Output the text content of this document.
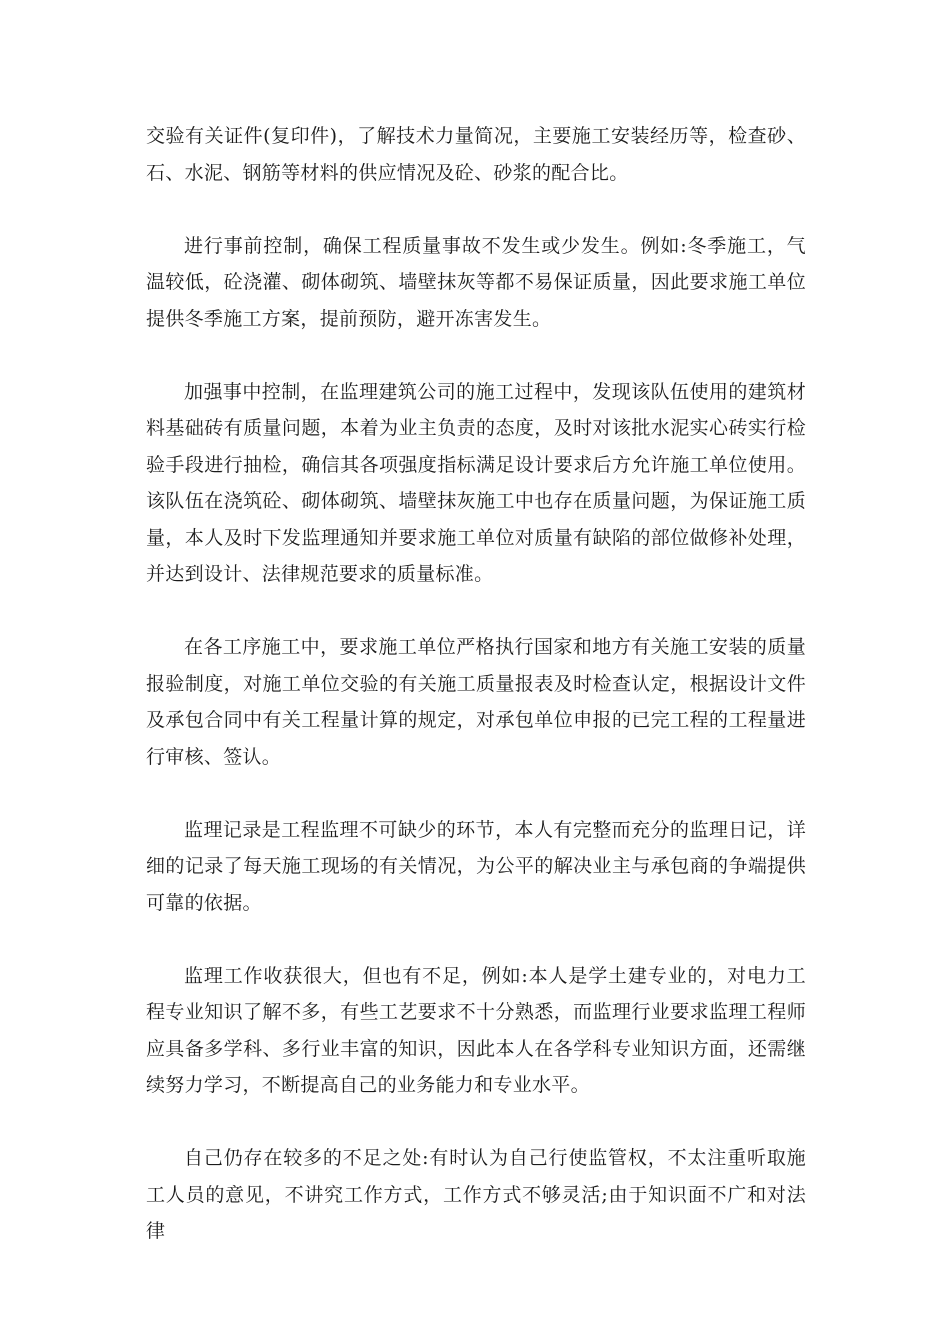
交验有关证件(复印件)，了解技术力量简况，主要施工安装经历等，检查砂、石、水泥、钢筋等材料的供应情况及砼、砂浆的配合比。

进行事前控制，确保工程质量事故不发生或少发生。例如:冬季施工，气温较低，砼浇灌、砌体砌筑、墙壁抹灰等都不易保证质量，因此要求施工单位提供冬季施工方案，提前预防，避开冻害发生。

加强事中控制，在监理建筑公司的施工过程中，发现该队伍使用的建筑材料基础砖有质量问题，本着为业主负责的态度，及时对该批水泥实心砖实行检验手段进行抽检，确信其各项强度指标满足设计要求后方允许施工单位使用。该队伍在浇筑砼、砌体砌筑、墙壁抹灰施工中也存在质量问题，为保证施工质量，本人及时下发监理通知并要求施工单位对质量有缺陷的部位做修补处理，并达到设计、法律规范要求的质量标准。

在各工序施工中，要求施工单位严格执行国家和地方有关施工安装的质量报验制度，对施工单位交验的有关施工质量报表及时检查认定，根据设计文件及承包合同中有关工程量计算的规定，对承包单位申报的已完工程的工程量进行审核、签认。

监理记录是工程监理不可缺少的环节，本人有完整而充分的监理日记，详细的记录了每天施工现场的有关情况，为公平的解决业主与承包商的争端提供可靠的依据。

监理工作收获很大，但也有不足，例如:本人是学土建专业的，对电力工程专业知识了解不多，有些工艺要求不十分熟悉，而监理行业要求监理工程师应具备多学科、多行业丰富的知识，因此本人在各学科专业知识方面，还需继续努力学习，不断提高自己的业务能力和专业水平。

自己仍存在较多的不足之处:有时认为自己行使监管权，不太注重听取施工人员的意见，不讲究工作方式，工作方式不够灵活;由于知识面不广和对法律
